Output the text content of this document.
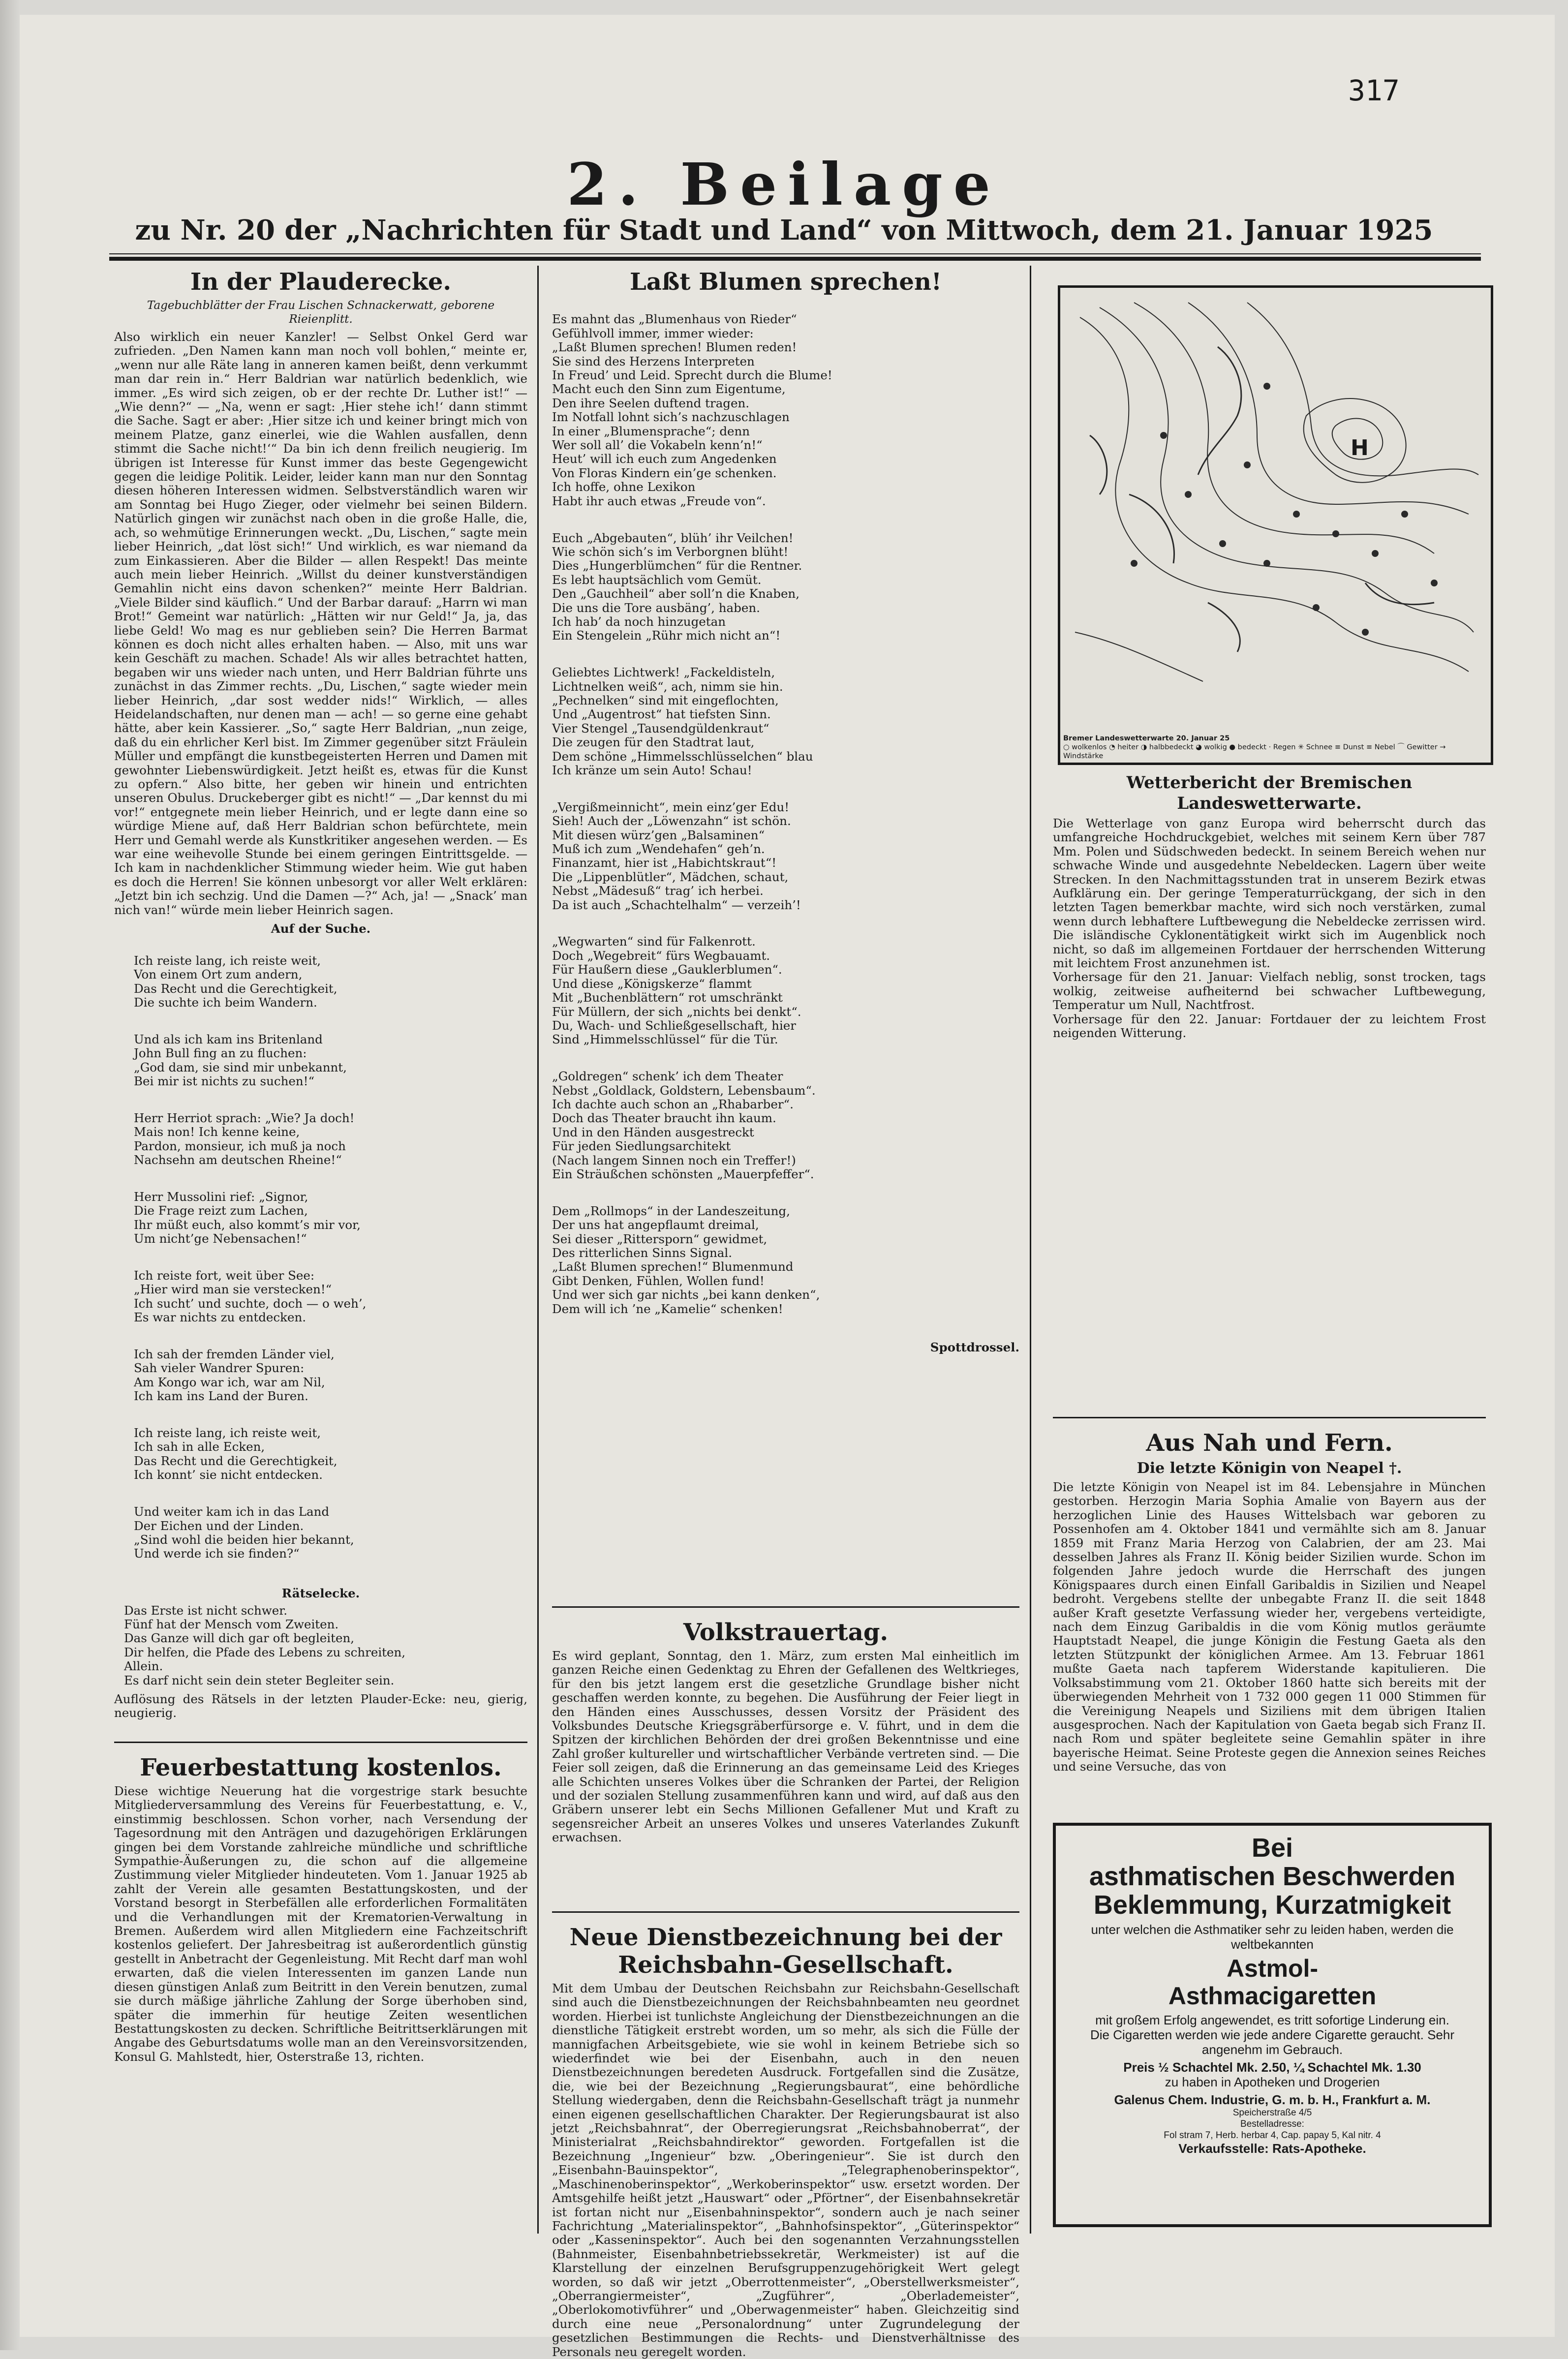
317
2. Beilage
zu Nr. 20 der „Nachrichten für Stadt und Land“ von Mittwoch, dem 21. Januar 1925
In der Plauderecke.
Tagebuchblätter der Frau Lischen Schnackerwatt, geborene Rieienplitt.

Also wirklich ein neuer Kanzler! — Selbst Onkel Gerd war zufrieden. „Den Namen kann man noch voll bohlen,“ meinte er, „wenn nur alle Räte lang in anneren kamen beißt, denn verkummt man dar rein in.“ Herr Baldrian war natürlich bedenklich, wie immer. „Es wird sich zeigen, ob er der rechte Dr. Luther ist!“ — „Wie denn?“ — „Na, wenn er sagt: ‚Hier stehe ich!‘ dann stimmt die Sache. Sagt er aber: ‚Hier sitze ich und keiner bringt mich von meinem Platze, ganz einerlei, wie die Wahlen ausfallen, denn stimmt die Sache nicht!‘“ Da bin ich denn freilich neugierig. Im übrigen ist Interesse für Kunst immer das beste Gegengewicht gegen die leidige Politik. Leider, leider kann man nur den Sonntag diesen höheren Interessen widmen. Selbstverständlich waren wir am Sonntag bei Hugo Zieger, oder vielmehr bei seinen Bildern. Natürlich gingen wir zunächst nach oben in die große Halle, die, ach, so wehmütige Erinnerungen weckt. „Du, Lischen,“ sagte mein lieber Heinrich, „dat löst sich!“ Und wirklich, es war niemand da zum Einkassieren. Aber die Bilder — allen Respekt! Das meinte auch mein lieber Heinrich. „Willst du deiner kunstverständigen Gemahlin nicht eins davon schenken?“ meinte Herr Baldrian. „Viele Bilder sind käuflich.“ Und der Barbar darauf: „Harrn wi man Brot!“ Gemeint war natürlich: „Hätten wir nur Geld!“ Ja, ja, das liebe Geld! Wo mag es nur geblieben sein? Die Herren Barmat können es doch nicht alles erhalten haben. — Also, mit uns war kein Geschäft zu machen. Schade! Als wir alles betrachtet hatten, begaben wir uns wieder nach unten, und Herr Baldrian führte uns zunächst in das Zimmer rechts. „Du, Lischen,“ sagte wieder mein lieber Heinrich, „dar sost wedder nids!“ Wirklich, — alles Heidelandschaften, nur denen man — ach! — so gerne eine gehabt hätte, aber kein Kassierer. „So,“ sagte Herr Baldrian, „nun zeige, daß du ein ehrlicher Kerl bist. Im Zimmer gegenüber sitzt Fräulein Müller und empfängt die kunstbegeisterten Herren und Damen mit gewohnter Liebenswürdigkeit. Jetzt heißt es, etwas für die Kunst zu opfern.“ Also bitte, her geben wir hinein und entrichten unseren Obulus. Druckeberger gibt es nicht!“ — „Dar kennst du mi vor!“ entgegnete mein lieber Heinrich, und er legte dann eine so würdige Miene auf, daß Herr Baldrian schon befürchtete, mein Herr und Gemahl werde als Kunstkritiker angesehen werden. — Es war eine weihevolle Stunde bei einem geringen Eintrittsgelde. — Ich kam in nachdenklicher Stimmung wieder heim. Wie gut haben es doch die Herren! Sie können unbesorgt vor aller Welt erklären: „Jetzt bin ich sechzig. Und die Damen —?“ Ach, ja! — „Snack’ man nich van!“ würde mein lieber Heinrich sagen.

Auf der Suche.

Ich reiste lang, ich reiste weit,
Von einem Ort zum andern,
Das Recht und die Gerechtigkeit,
Die suchte ich beim Wandern.

Und als ich kam ins Britenland
John Bull fing an zu fluchen:
„God dam, sie sind mir unbekannt,
Bei mir ist nichts zu suchen!“

Herr Herriot sprach: „Wie? Ja doch!
Mais non! Ich kenne keine,
Pardon, monsieur, ich muß ja noch
Nachsehn am deutschen Rheine!“

Herr Mussolini rief: „Signor,
Die Frage reizt zum Lachen,
Ihr müßt euch, also kommt’s mir vor,
Um nicht’ge Nebensachen!“

Ich reiste fort, weit über See:
„Hier wird man sie verstecken!“
Ich sucht’ und suchte, doch — o weh’,
Es war nichts zu entdecken.

Ich sah der fremden Länder viel,
Sah vieler Wandrer Spuren:
Am Kongo war ich, war am Nil,
Ich kam ins Land der Buren.

Ich reiste lang, ich reiste weit,
Ich sah in alle Ecken,
Das Recht und die Gerechtigkeit,
Ich konnt’ sie nicht entdecken.

Und weiter kam ich in das Land
Der Eichen und der Linden.
„Sind wohl die beiden hier bekannt,
Und werde ich sie finden?“

Rätselecke.
Das Erste ist nicht schwer.
Fünf hat der Mensch vom Zweiten.
Das Ganze will dich gar oft begleiten,
Dir helfen, die Pfade des Lebens zu schreiten,
Allein.
Es darf nicht sein dein steter Begleiter sein.

Auflösung des Rätsels in der letzten Plauder-Ecke: neu, gierig, neugierig.

Feuerbestattung kostenlos.

Diese wichtige Neuerung hat die vorgestrige stark besuchte Mitgliederversammlung des Vereins für Feuerbestattung, e. V., einstimmig beschlossen. Schon vorher, nach Versendung der Tagesordnung mit den Anträgen und dazugehörigen Erklärungen gingen bei dem Vorstande zahlreiche mündliche und schriftliche Sympathie-Äußerungen zu, die schon auf die allgemeine Zustimmung vieler Mitglieder hindeuteten. Vom 1. Januar 1925 ab zahlt der Verein alle gesamten Bestattungskosten, und der Vorstand besorgt in Sterbefällen alle erforderlichen Formalitäten und die Verhandlungen mit der Krematorien-Verwaltung in Bremen. Außerdem wird allen Mitgliedern eine Fachzeitschrift kostenlos geliefert. Der Jahresbeitrag ist außerordentlich günstig gestellt in Anbetracht der Gegenleistung. Mit Recht darf man wohl erwarten, daß die vielen Interessenten im ganzen Lande nun diesen günstigen Anlaß zum Beitritt in den Verein benutzen, zumal sie durch mäßige jährliche Zahlung der Sorge überhoben sind, später die immerhin für heutige Zeiten wesentlichen Bestattungskosten zu decken. Schriftliche Beitrittserklärungen mit Angabe des Geburtsdatums wolle man an den Vereinsvorsitzenden, Konsul G. Mahlstedt, hier, Osterstraße 13, richten.

Laßt Blumen sprechen!

Es mahnt das „Blumenhaus von Rieder“
Gefühlvoll immer, immer wieder:
„Laßt Blumen sprechen! Blumen reden!
Sie sind des Herzens Interpreten
In Freud’ und Leid. Sprecht durch die Blume!
Macht euch den Sinn zum Eigentume,
Den ihre Seelen duftend tragen.
Im Notfall lohnt sich’s nachzuschlagen
In einer „Blumensprache“; denn
Wer soll all’ die Vokabeln kenn’n!“
Heut’ will ich euch zum Angedenken
Von Floras Kindern ein’ge schenken.
Ich hoffe, ohne Lexikon
Habt ihr auch etwas „Freude von“.

Euch „Abgebauten“, blüh’ ihr Veilchen!
Wie schön sich’s im Verborgnen blüht!
Dies „Hungerblümchen“ für die Rentner.
Es lebt hauptsächlich vom Gemüt.
Den „Gauchheil“ aber soll’n die Knaben,
Die uns die Tore ausbäng’, haben.
Ich hab’ da noch hinzugetan
Ein Stengelein „Rühr mich nicht an“!

Geliebtes Lichtwerk! „Fackeldisteln,
Lichtnelken weiß“, ach, nimm sie hin.
„Pechnelken“ sind mit eingeflochten,
Und „Augentrost“ hat tiefsten Sinn.
Vier Stengel „Tausendgüldenkraut“
Die zeugen für den Stadtrat laut,
Dem schöne „Himmelsschlüsselchen“ blau
Ich kränze um sein Auto! Schau!

„Vergißmeinnicht“, mein einz’ger Edu!
Sieh! Auch der „Löwenzahn“ ist schön.
Mit diesen würz’gen „Balsaminen“
Muß ich zum „Wendehafen“ geh’n.
Finanzamt, hier ist „Habichtskraut“!
Die „Lippenblütler“, Mädchen, schaut,
Nebst „Mädesuß“ trag’ ich herbei.
Da ist auch „Schachtelhalm“ — verzeih’!

„Wegwarten“ sind für Falkenrott.
Doch „Wegebreit“ fürs Wegbauamt.
Für Haußern diese „Gauklerblumen“.
Und diese „Königskerze“ flammt
Mit „Buchenblättern“ rot umschränkt
Für Müllern, der sich „nichts bei denkt“.
Du, Wach- und Schließgesellschaft, hier
Sind „Himmelsschlüssel“ für die Tür.

„Goldregen“ schenk’ ich dem Theater
Nebst „Goldlack, Goldstern, Lebensbaum“.
Ich dachte auch schon an „Rhabarber“.
Doch das Theater braucht ihn kaum.
Und in den Händen ausgestreckt
Für jeden Siedlungsarchitekt
(Nach langem Sinnen noch ein Treffer!)
Ein Sträußchen schönsten „Mauerpfeffer“.

Dem „Rollmops“ in der Landeszeitung,
Der uns hat angepflaumt dreimal,
Sei dieser „Rittersporn“ gewidmet,
Des ritterlichen Sinns Signal.
„Laßt Blumen sprechen!“ Blumenmund
Gibt Denken, Fühlen, Wollen fund!
Und wer sich gar nichts „bei kann denken“,
Dem will ich ’ne „Kamelie“ schenken!

Spottdrossel.
Volkstrauertag.

Es wird geplant, Sonntag, den 1. März, zum ersten Mal einheitlich im ganzen Reiche einen Gedenktag zu Ehren der Gefallenen des Weltkrieges, für den bis jetzt langem erst die gesetzliche Grundlage bisher nicht geschaffen werden konnte, zu begehen. Die Ausführung der Feier liegt in den Händen eines Ausschusses, dessen Vorsitz der Präsident des Volksbundes Deutsche Kriegsgräberfürsorge e. V. führt, und in dem die Spitzen der kirchlichen Behörden der drei großen Bekenntnisse und eine Zahl großer kultureller und wirtschaftlicher Verbände vertreten sind. — Die Feier soll zeigen, daß die Erinnerung an das gemeinsame Leid des Krieges alle Schichten unseres Volkes über die Schranken der Partei, der Religion und der sozialen Stellung zusammenführen kann und wird, auf daß aus den Gräbern unserer lebt ein Sechs Millionen Gefallener Mut und Kraft zu segensreicher Arbeit an unseres Volkes und unseres Vaterlandes Zukunft erwachsen.

Neue Dienstbezeichnung bei der Reichsbahn-Gesellschaft.

Mit dem Umbau der Deutschen Reichsbahn zur Reichsbahn-Gesellschaft sind auch die Dienstbezeichnungen der Reichsbahnbeamten neu geordnet worden. Hierbei ist tunlichste Angleichung der Dienstbezeichnungen an die dienstliche Tätigkeit erstrebt worden, um so mehr, als sich die Fülle der mannigfachen Arbeitsgebiete, wie sie wohl in keinem Betriebe sich so wiederfindet wie bei der Eisenbahn, auch in den neuen Dienstbezeichnungen beredeten Ausdruck. Fortgefallen sind die Zusätze, die, wie bei der Bezeichnung „Regierungsbaurat“, eine behördliche Stellung wiedergaben, denn die Reichsbahn-Gesellschaft trägt ja nunmehr einen eigenen gesellschaftlichen Charakter. Der Regierungsbaurat ist also jetzt „Reichsbahnrat“, der Oberregierungsrat „Reichsbahnoberrat“, der Ministerialrat „Reichsbahndirektor“ geworden. Fortgefallen ist die Bezeichnung „Ingenieur“ bzw. „Oberingenieur“. Sie ist durch den „Eisenbahn-Bauinspektor“, „Telegraphenoberinspektor“, „Maschinenoberinspektor“, „Werkoberinspektor“ usw. ersetzt worden. Der Amtsgehilfe heißt jetzt „Hauswart“ oder „Pförtner“, der Eisenbahnsekretär ist fortan nicht nur „Eisenbahninspektor“, sondern auch je nach seiner Fachrichtung „Materialinspektor“, „Bahnhofsinspektor“, „Güterinspektor“ oder „Kasseninspektor“. Auch bei den sogenannten Verzahnungsstellen (Bahnmeister, Eisenbahnbetriebssekretär, Werkmeister) ist auf die Klarstellung der einzelnen Berufsgruppenzugehörigkeit Wert gelegt worden, so daß wir jetzt „Oberrottenmeister“, „Oberstellwerksmeister“, „Oberrangiermeister“, „Zugführer“, „Oberlademeister“, „Oberlokomotivführer“ und „Oberwagenmeister“ haben. Gleichzeitig sind durch eine neue „Personalordnung“ unter Zugrundelegung der gesetzlichen Bestimmungen die Rechts- und Dienstverhältnisse des Personals neu geregelt worden.

H
Bremer Landeswetterwarte 20. Januar 25
○ wolkenlos ◔ heiter ◑ halbbedeckt ◕ wolkig ● bedeckt · Regen ✳ Schnee ≡ Dunst ≡ Nebel ⌒ Gewitter → Windstärke
Wetterbericht der Bremischen Landeswetterwarte.

Die Wetterlage von ganz Europa wird beherrscht durch das umfangreiche Hochdruckgebiet, welches mit seinem Kern über 787 Mm. Polen und Südschweden bedeckt. In seinem Bereich wehen nur schwache Winde und ausgedehnte Nebeldecken. Lagern über weite Strecken. In den Nachmittagsstunden trat in unserem Bezirk etwas Aufklärung ein. Der geringe Temperaturrückgang, der sich in den letzten Tagen bemerkbar machte, wird sich noch verstärken, zumal wenn durch lebhaftere Luftbewegung die Nebeldecke zerrissen wird. Die isländische Cyklonentätigkeit wirkt sich im Augenblick noch nicht, so daß im allgemeinen Fortdauer der herrschenden Witterung mit leichtem Frost anzunehmen ist.

Vorhersage für den 21. Januar: Vielfach neblig, sonst trocken, tags wolkig, zeitweise aufheiternd bei schwacher Luftbewegung, Temperatur um Null, Nachtfrost.

Vorhersage für den 22. Januar: Fortdauer der zu leichtem Frost neigenden Witterung.

Aus Nah und Fern.
Die letzte Königin von Neapel †.

Die letzte Königin von Neapel ist im 84. Lebensjahre in München gestorben. Herzogin Maria Sophia Amalie von Bayern aus der herzoglichen Linie des Hauses Wittelsbach war geboren zu Possenhofen am 4. Oktober 1841 und vermählte sich am 8. Januar 1859 mit Franz Maria Herzog von Calabrien, der am 23. Mai desselben Jahres als Franz II. König beider Sizilien wurde. Schon im folgenden Jahre jedoch wurde die Herrschaft des jungen Königspaares durch einen Einfall Garibaldis in Sizilien und Neapel bedroht. Vergebens stellte der unbegabte Franz II. die seit 1848 außer Kraft gesetzte Verfassung wieder her, vergebens verteidigte, nach dem Einzug Garibaldis in die vom König mutlos geräumte Hauptstadt Neapel, die junge Königin die Festung Gaeta als den letzten Stützpunkt der königlichen Armee. Am 13. Februar 1861 mußte Gaeta nach tapferem Widerstande kapitulieren. Die Volksabstimmung vom 21. Oktober 1860 hatte sich bereits mit der überwiegenden Mehrheit von 1 732 000 gegen 11 000 Stimmen für die Vereinigung Neapels und Siziliens mit dem übrigen Italien ausgesprochen. Nach der Kapitulation von Gaeta begab sich Franz II. nach Rom und später begleitete seine Gemahlin später in ihre bayerische Heimat. Seine Proteste gegen die Annexion seines Reiches und seine Versuche, das von

Bei
asthmatischen Beschwerden
Beklemmung, Kurzatmigkeit
unter welchen die Asthmatiker sehr zu leiden haben, werden die weltbekannten
Astmol-
Asthmacigaretten
mit großem Erfolg angewendet, es tritt sofortige Linderung ein. Die Cigaretten werden wie jede andere Cigarette geraucht. Sehr angenehm im Gebrauch.
Preis ½ Schachtel Mk. 2.50, ¼ Schachtel Mk. 1.30
zu haben in Apotheken und Drogerien
Galenus Chem. Industrie, G. m. b. H., Frankfurt a. M.
Speicherstraße 4/5
Bestelladresse:
Fol stram 7, Herb. herbar 4, Cap. papay 5, Kal nitr. 4
Verkaufsstelle: Rats-Apotheke.
